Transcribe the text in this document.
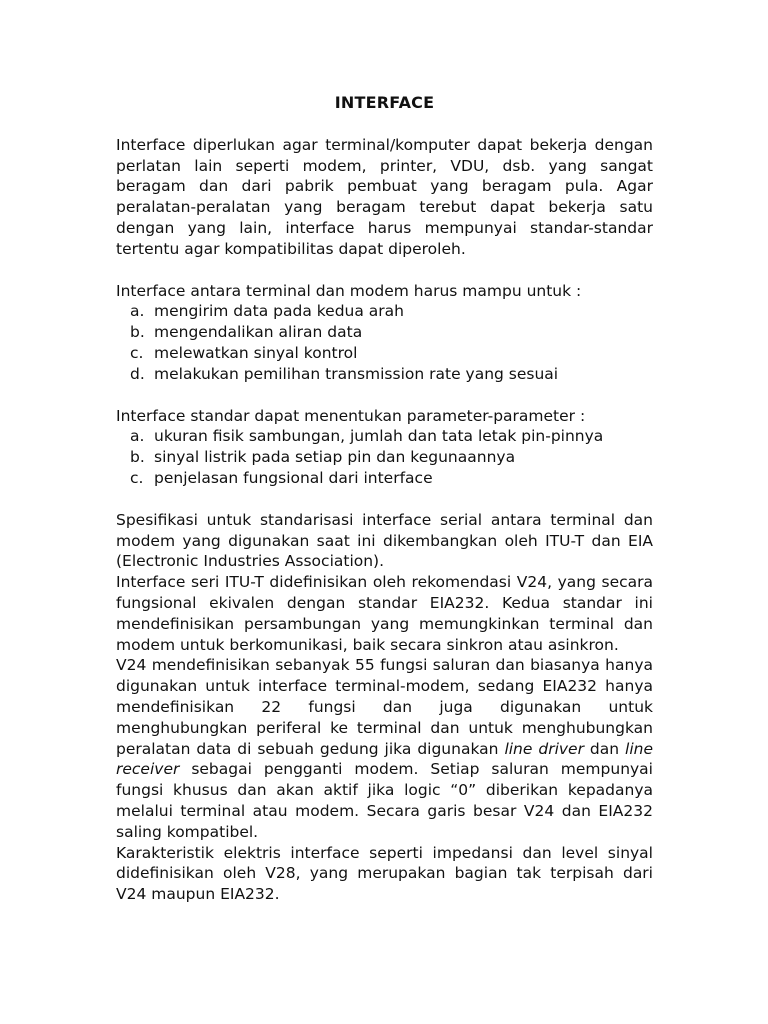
INTERFACE

Interface diperlukan agar terminal/komputer dapat bekerja dengan perlatan lain seperti modem, printer, VDU, dsb. yang sangat beragam dan dari pabrik pembuat yang beragam pula. Agar peralatan-peralatan yang beragam terebut dapat bekerja satu dengan yang lain, interface harus mempunyai standar-standar tertentu agar kompatibilitas dapat diperoleh.

Interface antara terminal dan modem harus mampu untuk :

a. mengirim data pada kedua arah
b. mengendalikan aliran data
c. melewatkan sinyal kontrol
d. melakukan pemilihan transmission rate yang sesuai

Interface standar dapat menentukan parameter-parameter :

a. ukuran fisik sambungan, jumlah dan tata letak pin-pinnya
b. sinyal listrik pada setiap pin dan kegunaannya
c. penjelasan fungsional dari interface

Spesifikasi untuk standarisasi interface serial antara terminal dan modem yang digunakan saat ini dikembangkan oleh ITU-T dan EIA (Electronic Industries Association).

Interface seri ITU-T didefinisikan oleh rekomendasi V24, yang secara fungsional ekivalen dengan standar EIA232. Kedua standar ini mendefinisikan persambungan yang memungkinkan terminal dan modem untuk berkomunikasi, baik secara sinkron atau asinkron.

V24 mendefinisikan sebanyak 55 fungsi saluran dan biasanya hanya digunakan untuk interface terminal-modem, sedang EIA232 hanya mendefinisikan 22 fungsi dan juga digunakan untuk menghubungkan periferal ke terminal dan untuk menghubungkan peralatan data di sebuah gedung jika digunakan line driver dan line receiver sebagai pengganti modem. Setiap saluran mempunyai fungsi khusus dan akan aktif jika logic “0” diberikan kepadanya melalui terminal atau modem. Secara garis besar V24 dan EIA232 saling kompatibel.

Karakteristik elektris interface seperti impedansi dan level sinyal didefinisikan oleh V28, yang merupakan bagian tak terpisah dari V24 maupun EIA232.
